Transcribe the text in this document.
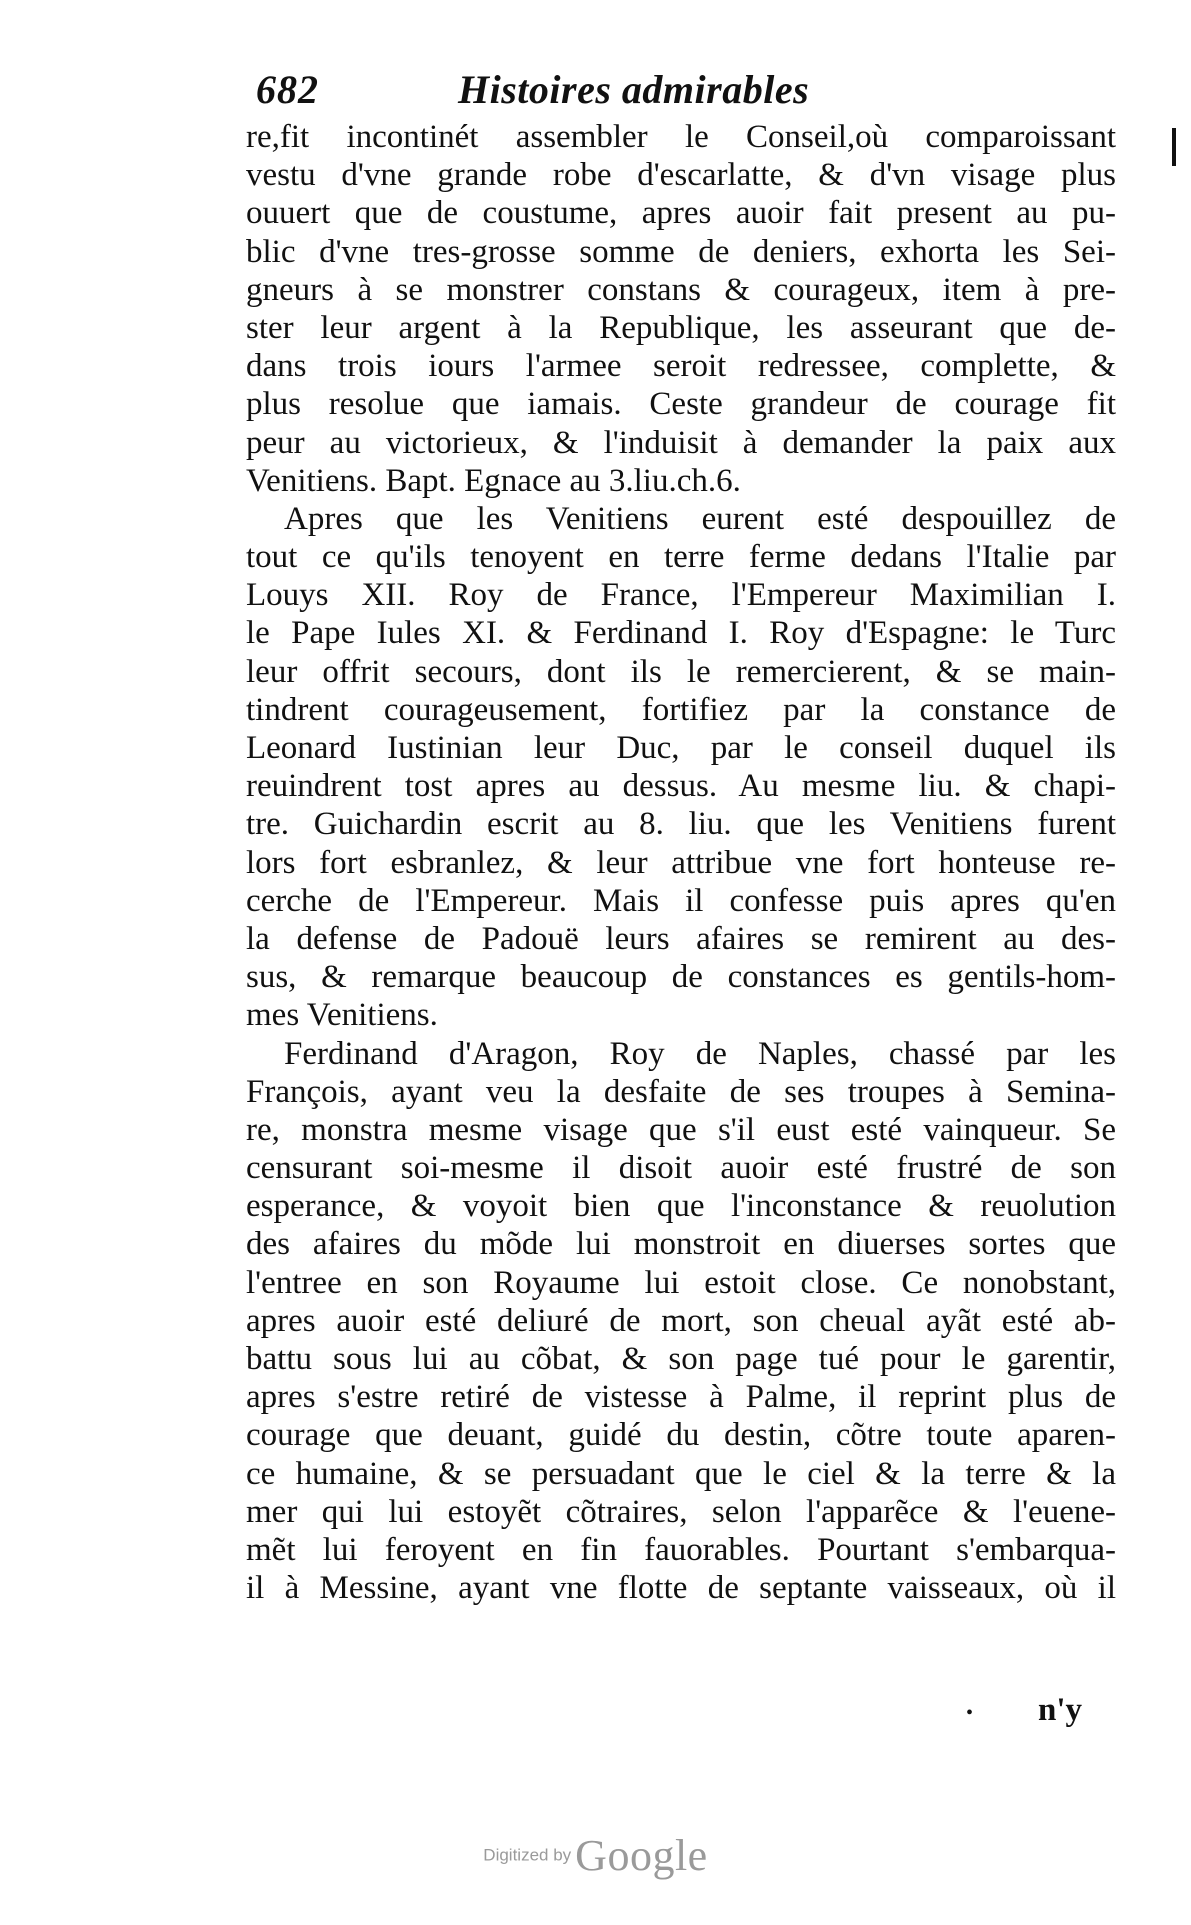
682	Histoires admirables
re,fit incontinét assembler le Conseil,où comparoissant
vestu d'vne grande robe d'escarlatte, & d'vn visage plus
ouuert que de coustume, apres auoir fait present au pu-
blic d'vne tres-grosse somme de deniers, exhorta les Sei-
gneurs à se monstrer constans & courageux, item à pre-
ster leur argent à la Republique, les asseurant que de-
dans trois iours l'armee seroit redressee, complette, &
plus resolue que iamais. Ceste grandeur de courage fit
peur au victorieux, & l'induisit à demander la paix aux
Venitiens. Bapt. Egnace au 3.liu.ch.6.
Apres que les Venitiens eurent esté despouillez de
tout ce qu'ils tenoyent en terre ferme dedans l'Italie par
Louys XII. Roy de France, l'Empereur Maximilian I.
le Pape Iules XI. & Ferdinand I. Roy d'Espagne: le Turc
leur offrit secours, dont ils le remercierent, & se main-
tindrent courageusement, fortifiez par la constance de
Leonard Iustinian leur Duc, par le conseil duquel ils
reuindrent tost apres au dessus. Au mesme liu. & chapi-
tre. Guichardin escrit au 8. liu. que les Venitiens furent
lors fort esbranlez, & leur attribue vne fort honteuse re-
cerche de l'Empereur. Mais il confesse puis apres qu'en
la defense de Padouë leurs afaires se remirent au des-
sus, & remarque beaucoup de constances es gentils-hom-
mes Venitiens.
Ferdinand d'Aragon, Roy de Naples, chassé par les
François, ayant veu la desfaite de ses troupes à Semina-
re, monstra mesme visage que s'il eust esté vainqueur. Se
censurant soi-mesme il disoit auoir esté frustré de son
esperance, & voyoit bien que l'inconstance & reuolution
des afaires du mõde lui monstroit en diuerses sortes que
l'entree en son Royaume lui estoit close. Ce nonobstant,
apres auoir esté deliuré de mort, son cheual ayãt esté ab-
battu sous lui au cõbat, & son page tué pour le garentir,
apres s'estre retiré de vistesse à Palme, il reprint plus de
courage que deuant, guidé du destin, cõtre toute aparen-
ce humaine, & se persuadant que le ciel & la terre & la
mer qui lui estoyẽt cõtraires, selon l'apparẽce & l'euene-
mẽt lui feroyent en fin fauorables. Pourtant s'embarqua-
il à Messine, ayant vne flotte de septante vaisseaux, où il
• n'y
Digitized by Google
